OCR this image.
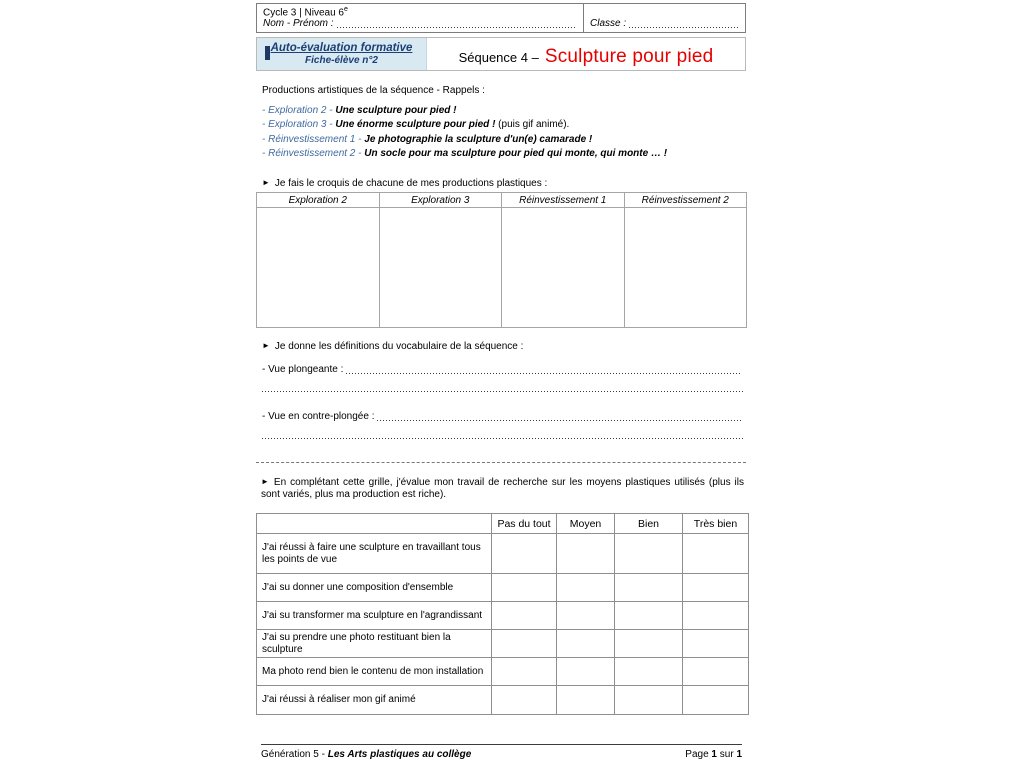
Cycle 3 | Niveau 6e
Nom - Prénom :	Classe :
Auto-évaluation formative
Fiche-élève n°2	Séquence 4 – Sculpture pour pied
Productions artistiques de la séquence - Rappels :
- Exploration 2 - Une sculpture pour pied !
- Exploration 3 - Une énorme sculpture pour pied ! (puis gif animé).
- Réinvestissement 1 - Je photographie la sculpture d'un(e) camarade !
- Réinvestissement 2 - Un socle pour ma sculpture pour pied qui monte, qui monte … !
► Je fais le croquis de chacune de mes productions plastiques :
Exploration 2	Exploration 3	Réinvestissement 1	Réinvestissement 2

► Je donne les définitions du vocabulaire de la séquence :
- Vue plongeante :
- Vue en contre-plongée :
► En complétant cette grille, j'évalue mon travail de recherche sur les moyens plastiques utilisés (plus ils sont variés, plus ma production est riche).
	Pas du tout	Moyen	Bien	Très bien
J'ai réussi à faire une sculpture en travaillant tous les points de vue				
J'ai su donner une composition d'ensemble				
J'ai su transformer ma sculpture en l'agrandissant				
J'ai su prendre une photo restituant bien la sculpture				
Ma photo rend bien le contenu de mon installation				
J'ai réussi à réaliser mon gif animé				
Génération 5 - Les Arts plastiques au collège	Page 1 sur 1
